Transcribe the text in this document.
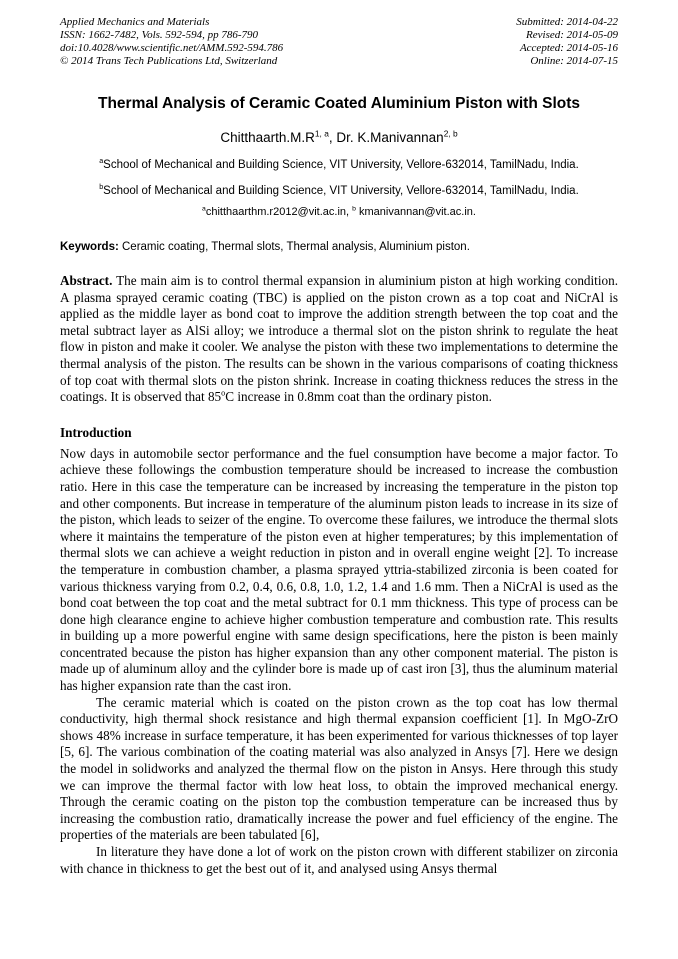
Applied Mechanics and Materials
ISSN: 1662-7482, Vols. 592-594, pp 786-790
doi:10.4028/www.scientific.net/AMM.592-594.786
© 2014 Trans Tech Publications Ltd, Switzerland
Submitted: 2014-04-22
Revised: 2014-05-09
Accepted: 2014-05-16
Online: 2014-07-15
Thermal Analysis of Ceramic Coated Aluminium Piston with Slots
$Chitthaarth.M.R^{1, a}$, Dr. K.Manivannan$^{2, b}$
$^a$School of Mechanical and Building Science, VIT University, Vellore-632014, TamilNadu, India.
$^b$School of Mechanical and Building Science, VIT University, Vellore-632014, TamilNadu, India.
$^a$chitthaarthm.r2012@vit.ac.in, $^b$ kmanivannan@vit.ac.in.
Keywords: Ceramic coating, Thermal slots, Thermal analysis, Aluminium piston.

Abstract. The main aim is to control thermal expansion in aluminium piston at high working condition. A plasma sprayed ceramic coating (TBC) is applied on the piston crown as a top coat and NiCrAl is applied as the middle layer as bond coat to improve the addition strength between the top coat and the metal subtract layer as AlSi alloy; we introduce a thermal slot on the piston shrink to regulate the heat flow in piston and make it cooler. We analyse the piston with these two implementations to determine the thermal analysis of the piston. The results can be shown in the various comparisons of coating thickness of top coat with thermal slots on the piston shrink. Increase in coating thickness reduces the stress in the coatings. It is observed that 85$^o$C increase in 0.8mm coat than the ordinary piston.

Introduction

Now days in automobile sector performance and the fuel consumption have become a major factor. To achieve these followings the combustion temperature should be increased to increase the combustion ratio. Here in this case the temperature can be increased by increasing the temperature in the piston top and other components. But increase in temperature of the aluminum piston leads to increase in its size of the piston, which leads to seizer of the engine. To overcome these failures, we introduce the thermal slots where it maintains the temperature of the piston even at higher temperatures; by this implementation of thermal slots we can achieve a weight reduction in piston and in overall engine weight [2]. To increase the temperature in combustion chamber, a plasma sprayed yttria-stabilized zirconia is been coated for various thickness varying from 0.2, 0.4, 0.6, 0.8, 1.0, 1.2, 1.4 and 1.6 mm. Then a NiCrAl is used as the bond coat between the top coat and the metal subtract for 0.1 mm thickness. This type of process can be done high clearance engine to achieve higher combustion temperature and combustion rate. This results in building up a more powerful engine with same design specifications, here the piston is been mainly concentrated because the piston has higher expansion than any other component material. The piston is made up of aluminum alloy and the cylinder bore is made up of cast iron [3], thus the aluminum material has higher expansion rate than the cast iron.

The ceramic material which is coated on the piston crown as the top coat has low thermal conductivity, high thermal shock resistance and high thermal expansion coefficient [1]. In MgO-ZrO shows 48% increase in surface temperature, it has been experimented for various thicknesses of top layer [5, 6]. The various combination of the coating material was also analyzed in Ansys [7]. Here we design the model in solidworks and analyzed the thermal flow on the piston in Ansys. Here through this study we can improve the thermal factor with low heat loss, to obtain the improved mechanical energy. Through the ceramic coating on the piston top the combustion temperature can be increased thus by increasing the combustion ratio, dramatically increase the power and fuel efficiency of the engine. The properties of the materials are been tabulated [6],

In literature they have done a lot of work on the piston crown with different stabilizer on zirconia with chance in thickness to get the best out of it, and analysed using Ansys thermal
